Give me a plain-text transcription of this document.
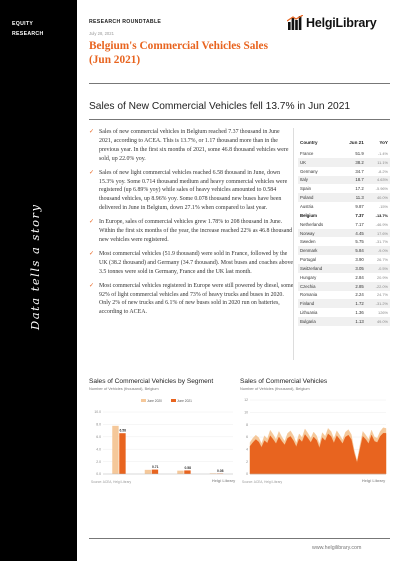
EQUITY
RESEARCH
Data tells a story
RESEARCH ROUNDTABLE
July 28, 2021
Belgium's Commercial Vehicles Sales (Jun 2021)
HelgiLibrary
Sales of New Commercial Vehicles fell 13.7% in Jun 2021
✓ Sales of new commercial vehicles in Belgium reached 7.37 thousand in June 2021, according to ACEA. This is 13.7%, or 1.17 thousand more than in the previous year. In the first six months of 2021, some 46.8 thousand vehicles were sold, up 22.0% yoy.
✓ Sales of new light commercial vehicles reached 6.58 thousand in June, down 15.3% yoy. Some 0.714 thousand medium and heavy commercial vehicles were registered (up 6.89% yoy) while sales of heavy vehicles amounted to 0.584 thousand vehicles, up 8.96% yoy. Some 0.078 thousand new buses have been delivered in June in Belgium, down 27.1% when compared to last year.
✓ In Europe, sales of commercial vehicles grew 1.78% to 208 thousand in June. Within the first six months of the year, the increase reached 22% as 46.8 thousand new vehicles were registered.
✓ Most commercial vehicles (51.9 thousand) were sold in France, followed by the UK (38.2 thousand) and Germany (34.7 thousand). Most buses and coaches above 3.5 tonnes were sold in Germany, France and the UK last month.
✓ Most commercial vehicles registered in Europe were still powered by diesel, some 92% of light commercial vehicles and 73% of heavy trucks and buses in 2020. Only 2% of new trucks and 6.1% of new buses sold in 2020 run on batteries, according to ACEA.
Country	Jun 21	YoY
France	51.9	-1.4%
UK	38.2	11.1%
Germany	34.7	-8.2%
Italy	18.7	4.63%
Spain	17.2	-5.96%
Poland	11.3	40.0%
Austria	9.87	-15%
Belgium	7.37	-13.7%
Netherlands	7.17	-46.9%
Norway	4.45	17.6%
Sweden	5.75	-31.7%
Denmark	5.84	-9.0%
Portugal	3.90	26.7%
Switzerland	3.05	-0.5%
Hungary	2.84	20.9%
Czechia	2.85	-22.0%
Romania	2.24	24.7%
Finland	1.72	-31.2%
Lithuania	1.36	126%
Bulgaria	1.13	49.0%
Sales of Commercial Vehicles by Segment
Number of Vehicles (thousand), Belgium
0.0
2.0
4.0
6.0
8.0
10.0
6.58
0.71	0.58
0.08
June 2020	June 2021
Source: ACEA, Helgi Library	Helgi Library
Sales of Commercial Vehicles
Number of Vehicles (thousand), Belgium
0
2
4
6
8
10
12
Source: ACEA, Helgi Library	Helgi Library
www.helgilibrary.com
